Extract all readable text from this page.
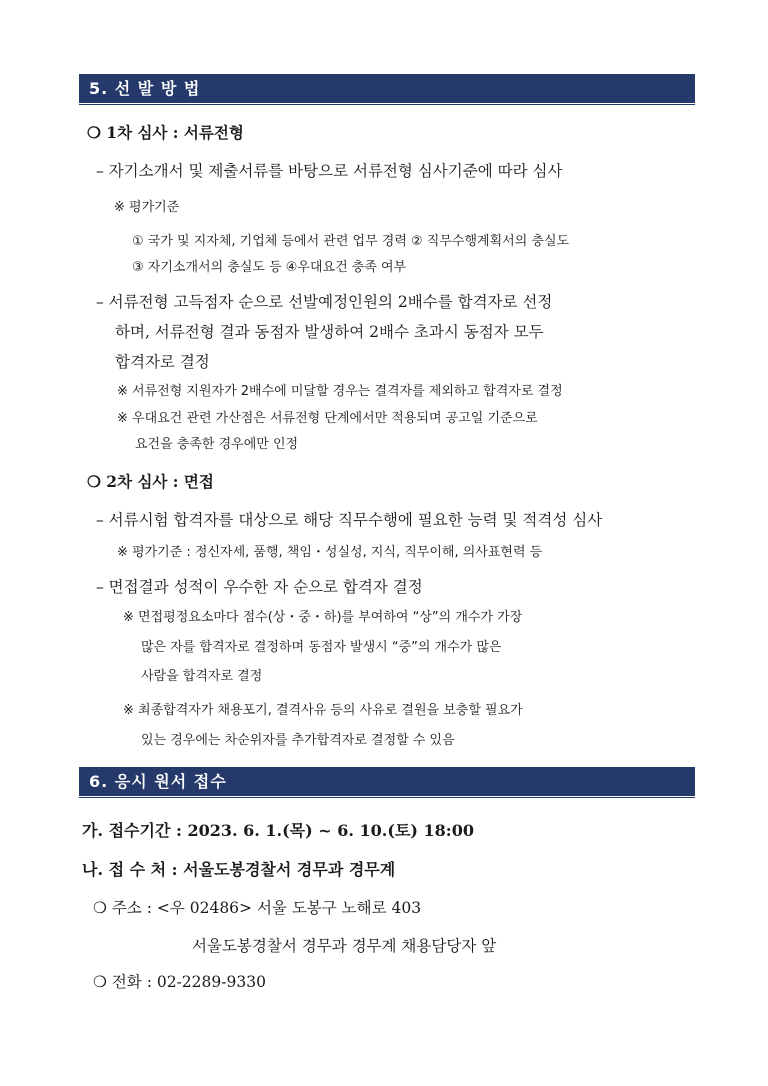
5. 선 발 방 법
❍ 1차 심사 : 서류전형
– 자기소개서 및 제출서류를 바탕으로 서류전형 심사기준에 따라 심사
※ 평가기준
① 국가 및 지자체, 기업체 등에서 관련 업무 경력 ② 직무수행계획서의 충실도
③ 자기소개서의 충실도 등 ④우대요건 충족 여부
– 서류전형 고득점자 순으로 선발예정인원의 2배수를 합격자로 선정
하며, 서류전형 결과 동점자 발생하여 2배수 초과시 동점자 모두
합격자로 결정
※ 서류전형 지원자가 2배수에 미달할 경우는 결격자를 제외하고 합격자로 결정
※ 우대요건 관련 가산점은 서류전형 단계에서만 적용되며 공고일 기준으로
요건을 충족한 경우에만 인정
❍ 2차 심사 : 면접
– 서류시험 합격자를 대상으로 해당 직무수행에 필요한 능력 및 적격성 심사
※ 평가기준 : 정신자세, 품행, 책임・성실성, 지식, 직무이해, 의사표현력 등
– 면접결과 성적이 우수한 자 순으로 합격자 결정
※ 면접평정요소마다 점수(상・중・하)를 부여하여 “상”의 개수가 가장
많은 자를 합격자로 결정하며 동점자 발생시 “중”의 개수가 많은
사람을 합격자로 결정
※ 최종합격자가 채용포기, 결격사유 등의 사유로 결원을 보충할 필요가
있는 경우에는 차순위자를 추가합격자로 결정할 수 있음
6. 응시 원서 접수
가. 접수기간 : 2023. 6. 1.(목) ~ 6. 10.(토) 18:00
나. 접 수 처 : 서울도봉경찰서 경무과 경무계
❍ 주소 : <우 02486> 서울 도봉구 노해로 403
서울도봉경찰서 경무과 경무계 채용담당자 앞
❍ 전화 : 02-2289-9330
